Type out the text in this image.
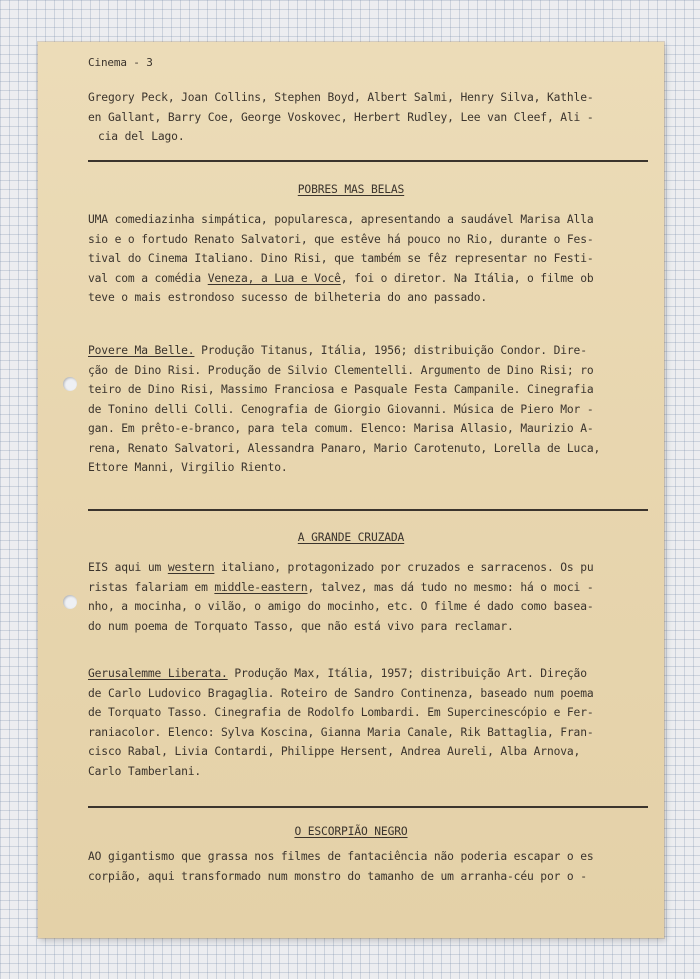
Cinema - 3
Gregory Peck, Joan Collins, Stephen Boyd, Albert Salmi, Henry Silva, Kathle-
en Gallant, Barry Coe, George Voskovec, Herbert Rudley, Lee van Cleef, Ali -
cia del Lago.
POBRES MAS BELAS
UMA comediazinha simpática, popularesca, apresentando a saudável Marisa Alla
sio e o fortudo Renato Salvatori, que estêve há pouco no Rio, durante o Fes-
tival do Cinema Italiano. Dino Risi, que também se fêz representar no Festi-
val com a comédia Veneza, a Lua e Você, foi o diretor. Na Itália, o filme ob
teve o mais estrondoso sucesso de bilheteria do ano passado.
Povere Ma Belle. Produção Titanus, Itália, 1956; distribuição Condor. Dire-
ção de Dino Risi. Produção de Silvio Clementelli. Argumento de Dino Risi; ro
teiro de Dino Risi, Massimo Franciosa e Pasquale Festa Campanile. Cinegrafia
de Tonino delli Colli. Cenografia de Giorgio Giovanni. Música de Piero Mor -
gan. Em prêto-e-branco, para tela comum. Elenco: Marisa Allasio, Maurizio A-
rena, Renato Salvatori, Alessandra Panaro, Mario Carotenuto, Lorella de Luca,
Ettore Manni, Virgilio Riento.
A GRANDE CRUZADA
EIS aqui um western italiano, protagonizado por cruzados e sarracenos. Os pu
ristas falariam em middle-eastern, talvez, mas dá tudo no mesmo: há o moci -
nho, a mocinha, o vilão, o amigo do mocinho, etc. O filme é dado como basea-
do num poema de Torquato Tasso, que não está vivo para reclamar.
Gerusalemme Liberata. Produção Max, Itália, 1957; distribuição Art. Direção
de Carlo Ludovico Bragaglia. Roteiro de Sandro Continenza, baseado num poema
de Torquato Tasso. Cinegrafia de Rodolfo Lombardi. Em Supercinescópio e Fer-
raniacolor. Elenco: Sylva Koscina, Gianna Maria Canale, Rik Battaglia, Fran-
cisco Rabal, Livia Contardi, Philippe Hersent, Andrea Aureli, Alba Arnova,
Carlo Tamberlani.
O ESCORPIÃO NEGRO
AO gigantismo que grassa nos filmes de fantaciência não poderia escapar o es
corpião, aqui transformado num monstro do tamanho de um arranha-céu por o -
